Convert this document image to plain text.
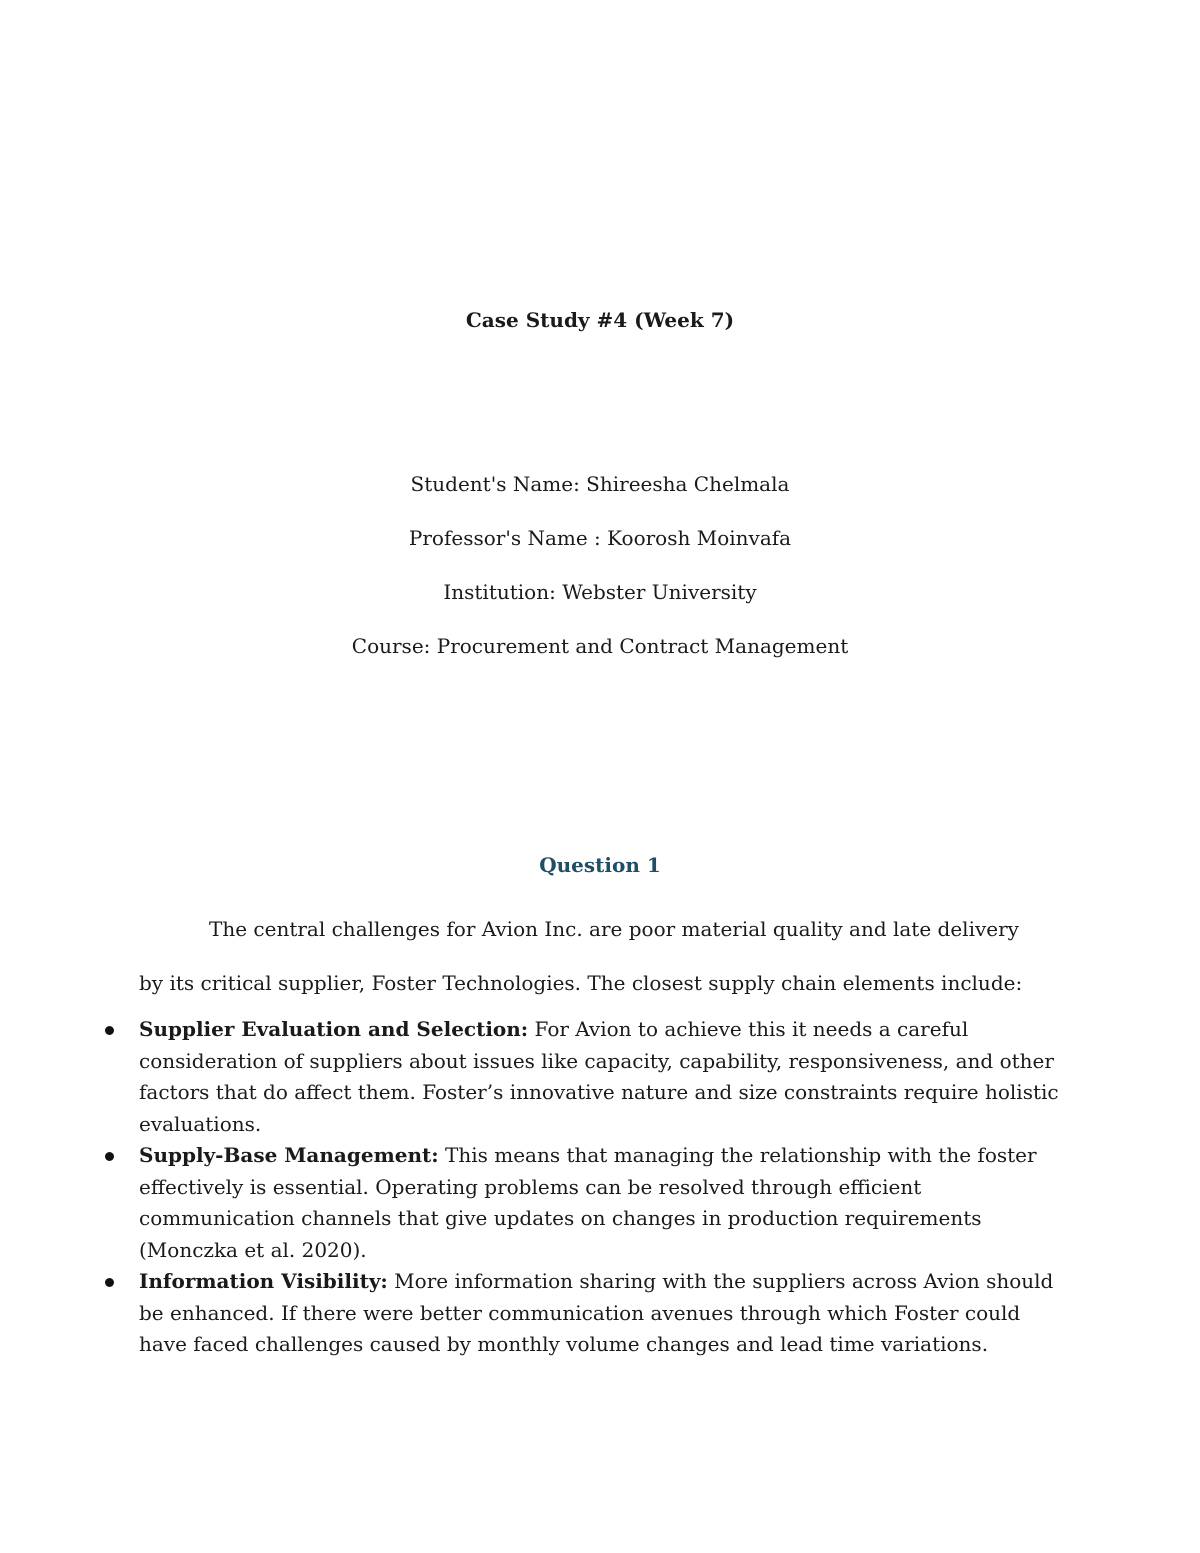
Case Study #4 (Week 7)

Student's Name: Shireesha Chelmala

Professor's Name : Koorosh Moinvafa

Institution: Webster University

Course: Procurement and Contract Management

Question 1

The central challenges for Avion Inc. are poor material quality and late delivery by its critical supplier, Foster Technologies. The closest supply chain elements include:

Supplier Evaluation and Selection: For Avion to achieve this it needs a careful consideration of suppliers about issues like capacity, capability, responsiveness, and other factors that do affect them. Foster’s innovative nature and size constraints require holistic evaluations.
Supply-Base Management: This means that managing the relationship with the foster effectively is essential. Operating problems can be resolved through efficient communication channels that give updates on changes in production requirements (Monczka et al. 2020).
Information Visibility: More information sharing with the suppliers across Avion should be enhanced. If there were better communication avenues through which Foster could have faced challenges caused by monthly volume changes and lead time variations.
